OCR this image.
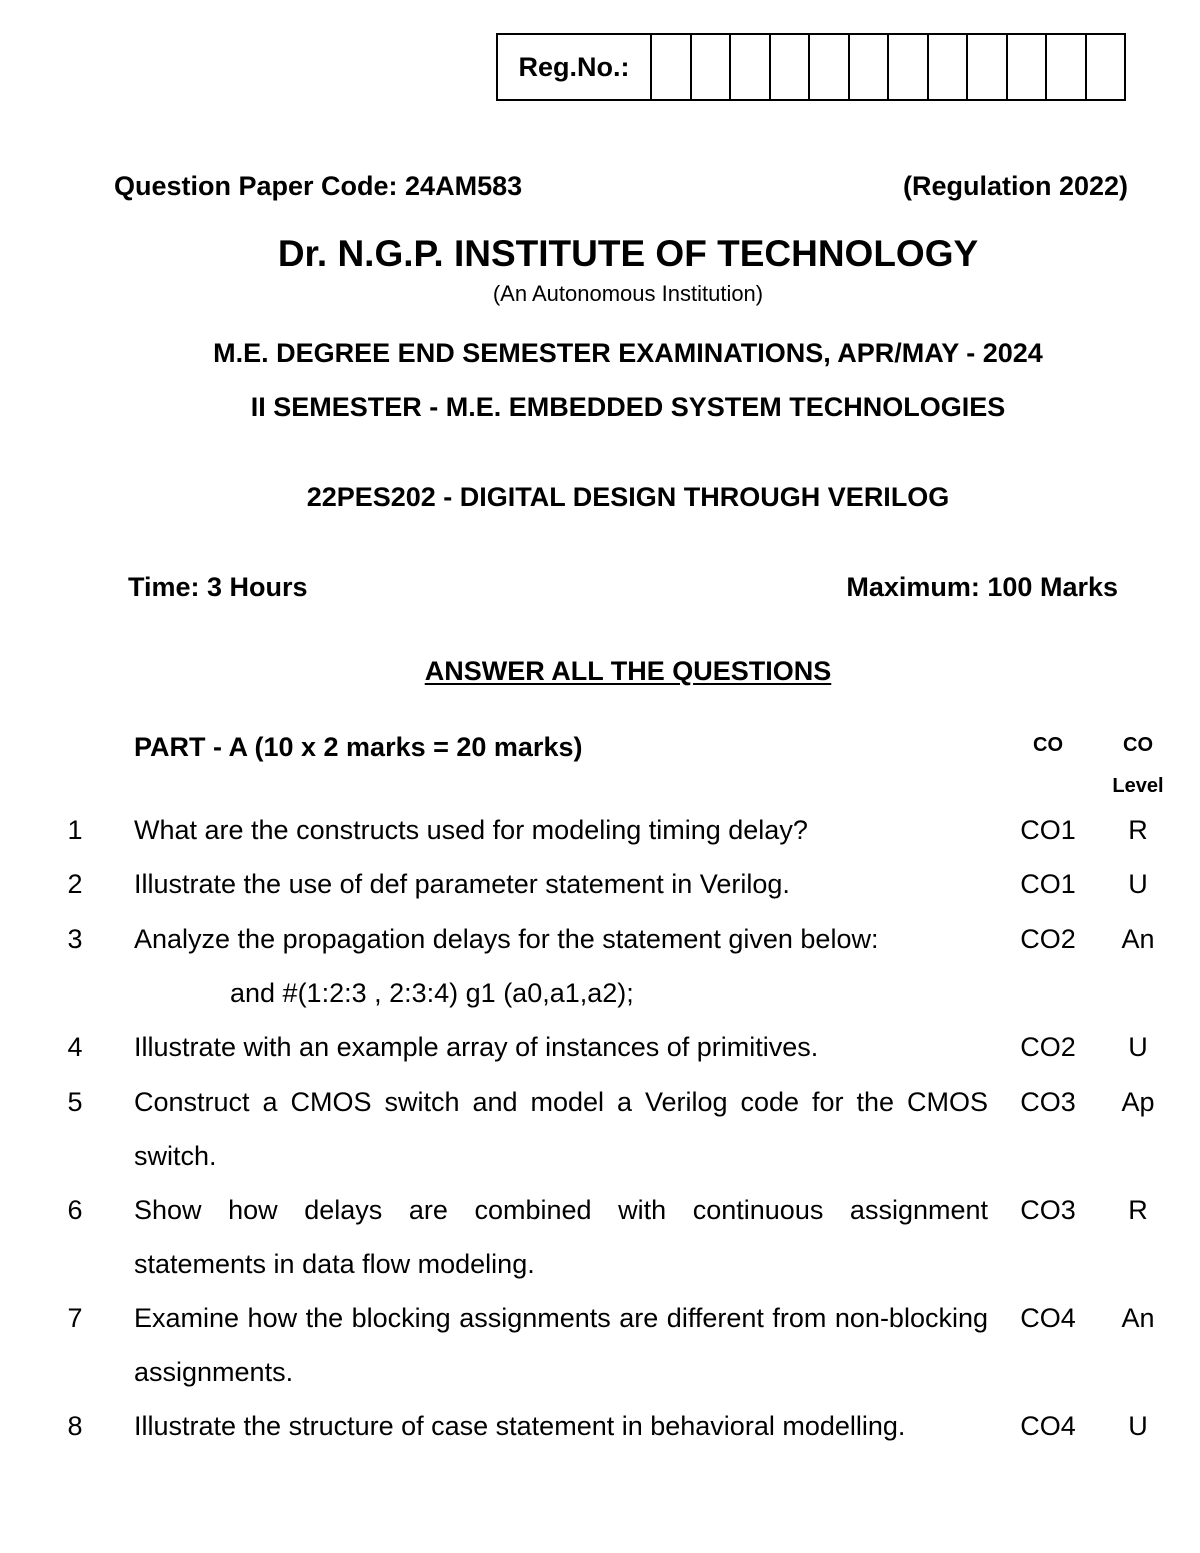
Reg.No.:
Question Paper Code: 24AM583	(Regulation 2022)
Dr. N.G.P. INSTITUTE OF TECHNOLOGY
(An Autonomous Institution)
M.E. DEGREE END SEMESTER EXAMINATIONS, APR/MAY - 2024
II SEMESTER - M.E. EMBEDDED SYSTEM TECHNOLOGIES
22PES202 - DIGITAL DESIGN THROUGH VERILOG
Time: 3 Hours	Maximum: 100 Marks
ANSWER ALL THE QUESTIONS
PART - A (10 x 2 marks = 20 marks)	CO	CO
Level
1	What are the constructs used for modeling timing delay?	CO1	R
2	Illustrate the use of def parameter statement in Verilog.	CO1	U
3	Analyze the propagation delays for the statement given below:
and #(1:2:3 , 2:3:4) g1 (a0,a1,a2);
CO2	An
4	Illustrate with an example array of instances of primitives.	CO2	U
5	Construct a CMOS switch and model a Verilog code for the CMOS switch.
CO3	Ap
6	Show how delays are combined with continuous assignment statements in data flow modeling.
CO3	R
7	Examine how the blocking assignments are different from non-blocking assignments.
CO4	An
8	Illustrate the structure of case statement in behavioral modelling.	CO4	U
